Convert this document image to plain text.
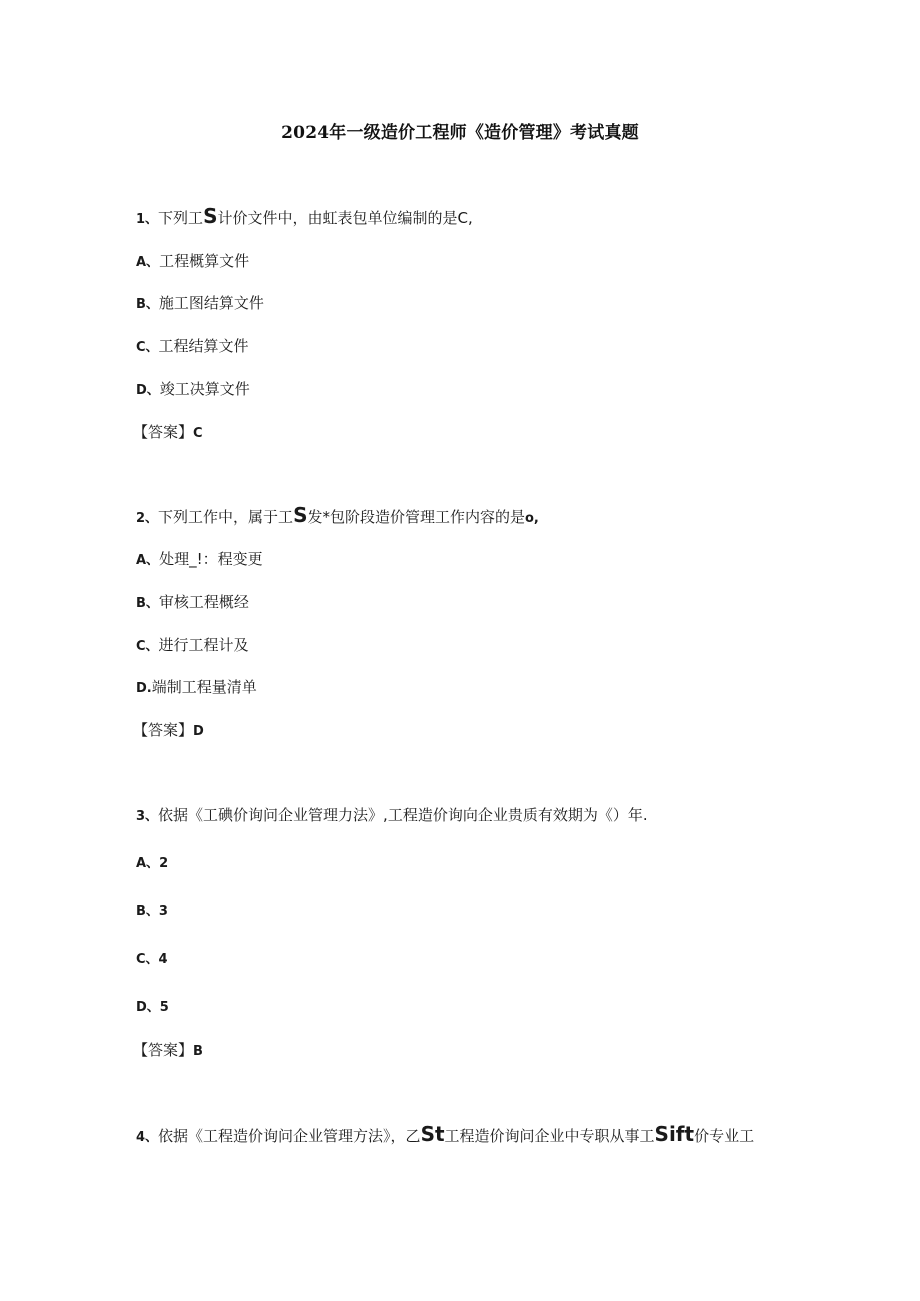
2024年一级造价工程师《造价管理》考试真题
1、下列工S计价文件中，由虹表包单位编制的是C,
A、工程概算文件
B、施工图结算文件
C、工程结算文件
D、竣工决算文件
【答案】C
2、下列工作中，属于工S发*包阶段造价管理工作内容的是o,
A、处理_!：程变更
B、审核工程概经
C、进行工程计及
D.端制工程量清单
【答案】D
3、依据《工碘价询问企业管理力法》,工程造价询向企业贵质有效期为《）年.
A、2
B、3
C、4
D、5
【答案】B
4、依据《工程造价询问企业管理方法》，乙St工程造价询问企业中专职从事工Sift价专业工
